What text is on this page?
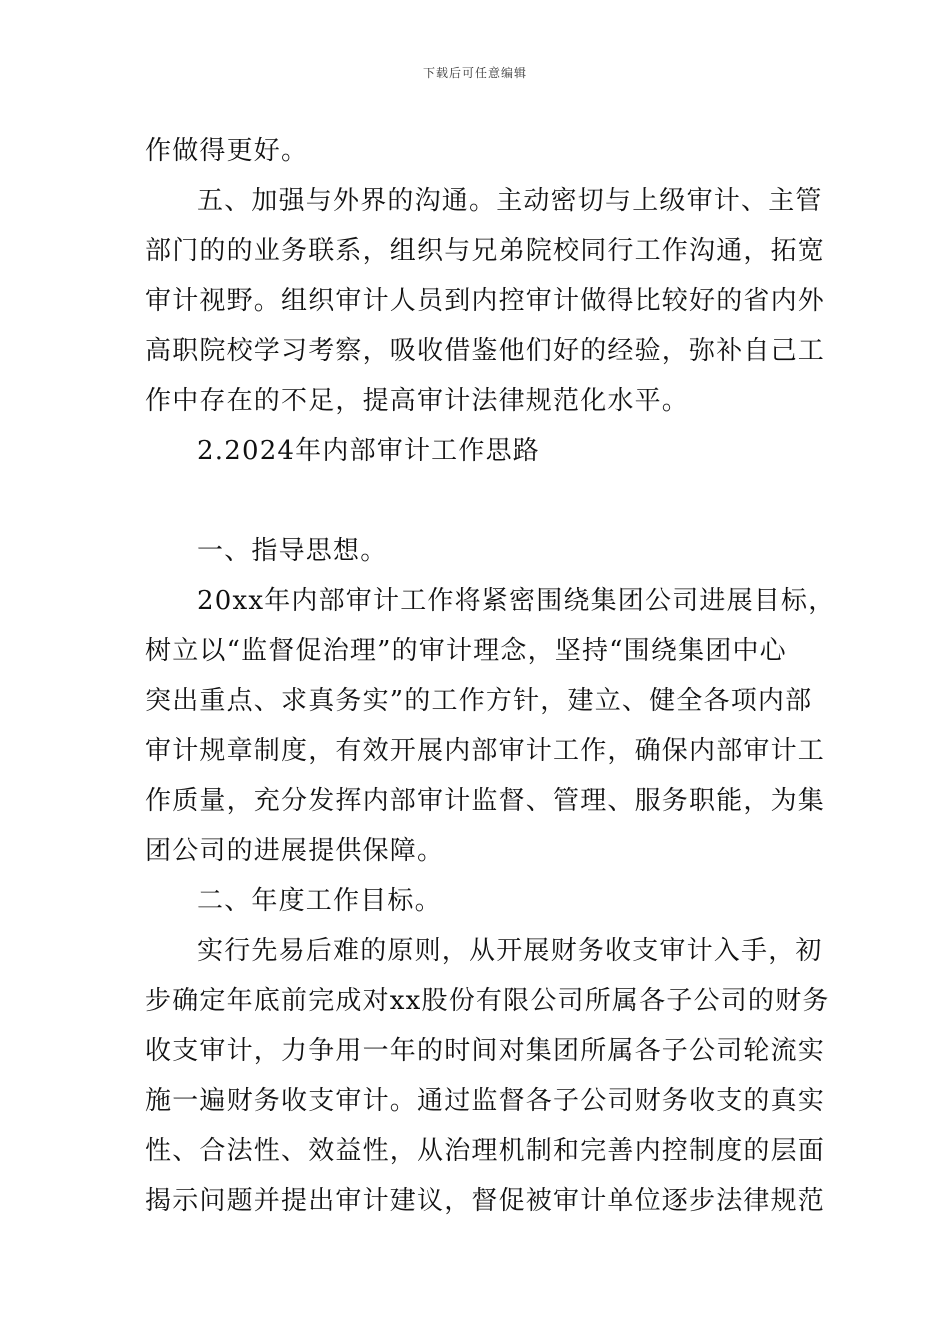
下载后可任意编辑
作做得更好。
五、加强与外界的沟通。主动密切与上级审计、主管
部门的的业务联系，组织与兄弟院校同行工作沟通，拓宽
审计视野。组织审计人员到内控审计做得比较好的省内外
高职院校学习考察，吸收借鉴他们好的经验，弥补自己工
作中存在的不足，提高审计法律规范化水平。
2.2024年内部审计工作思路
一、指导思想。
20xx年内部审计工作将紧密围绕集团公司进展目标，
树立以“监督促治理”的审计理念，坚持“围绕集团中心
突出重点、求真务实”的工作方针，建立、健全各项内部
审计规章制度，有效开展内部审计工作，确保内部审计工
作质量，充分发挥内部审计监督、管理、服务职能，为集
团公司的进展提供保障。
二、年度工作目标。
实行先易后难的原则，从开展财务收支审计入手，初
步确定年底前完成对xx股份有限公司所属各子公司的财务
收支审计，力争用一年的时间对集团所属各子公司轮流实
施一遍财务收支审计。通过监督各子公司财务收支的真实
性、合法性、效益性，从治理机制和完善内控制度的层面
揭示问题并提出审计建议，督促被审计单位逐步法律规范
